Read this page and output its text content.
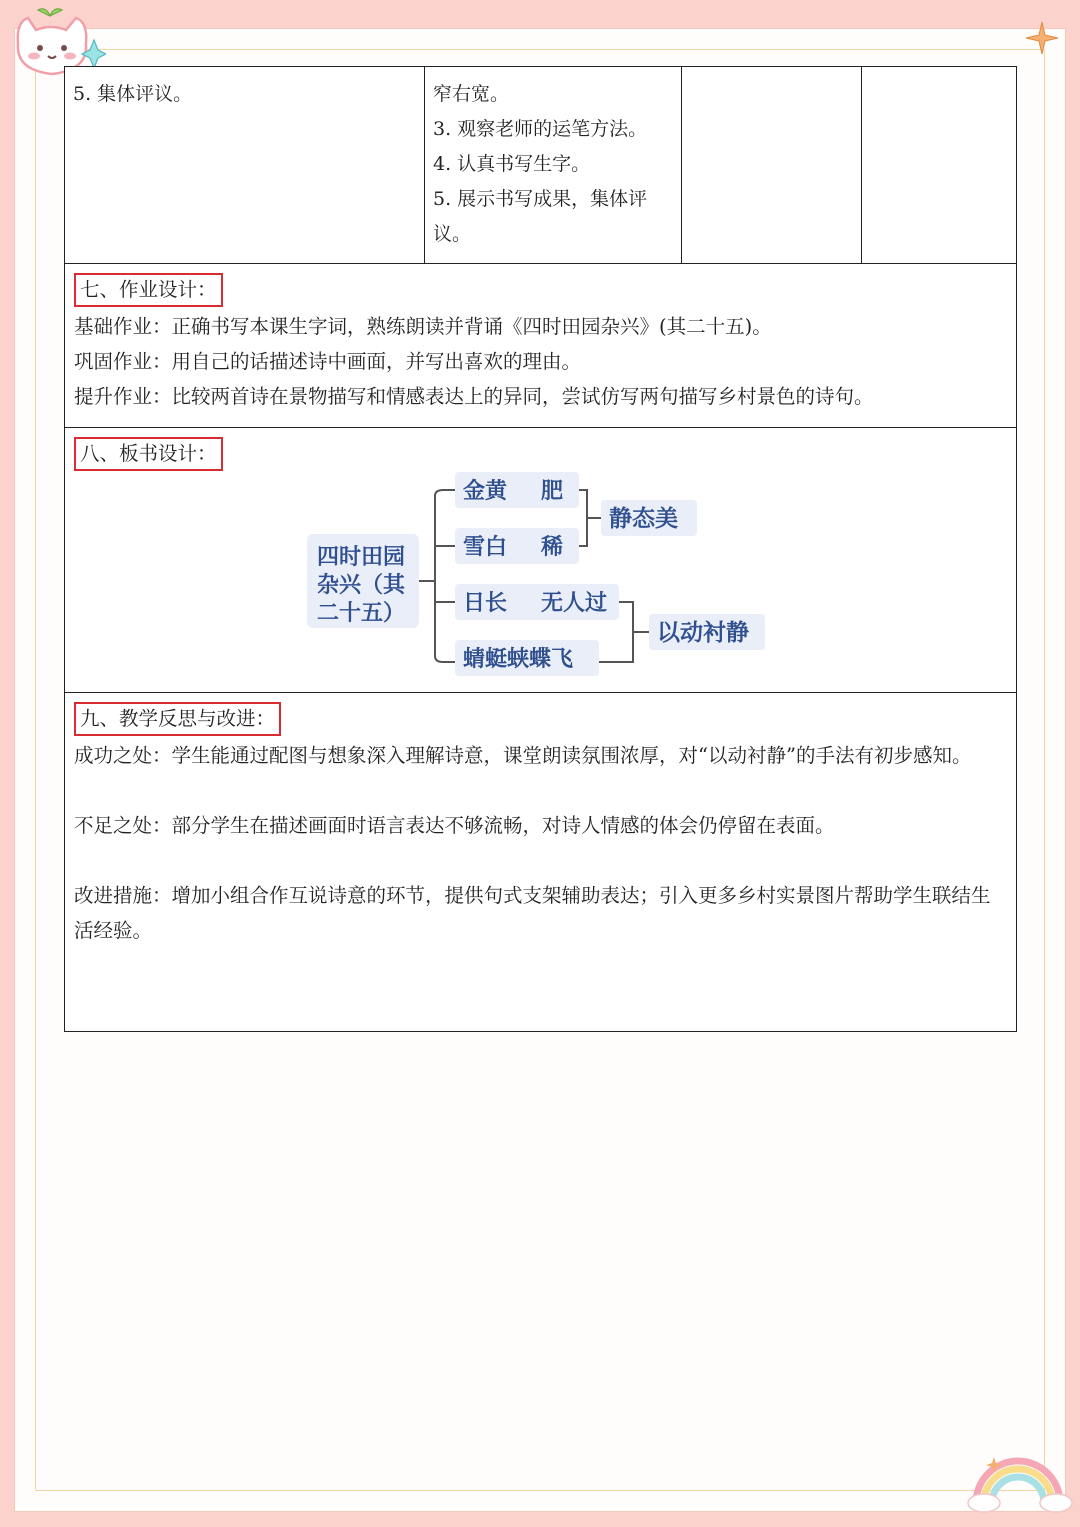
5. 集体评议。	窄右宽。

3. 观察老师的运笔方法。

4. 认真书写生字。

5. 展示书写成果，集体评

议。

七、作业设计：

基础作业：正确书写本课生字词，熟练朗读并背诵《四时田园杂兴》(其二十五)。

巩固作业：用自己的话描述诗中画面，并写出喜欢的理由。

提升作业：比较两首诗在景物描写和情感表达上的异同，尝试仿写两句描写乡村景色的诗句。

八、板书设计：
四时田园
杂兴（其
二十五）
金黄 肥
雪白 稀
日长 无人过
蜻蜓蛱蝶飞
静态美
以动衬静
九、教学反思与改进：

成功之处：学生能通过配图与想象深入理解诗意，课堂朗读氛围浓厚，对“以动衬静”的手法有初步感知。

不足之处：部分学生在描述画面时语言表达不够流畅，对诗人情感的体会仍停留在表面。

改进措施：增加小组合作互说诗意的环节，提供句式支架辅助表达；引入更多乡村实景图片帮助学生联结生活经验。
